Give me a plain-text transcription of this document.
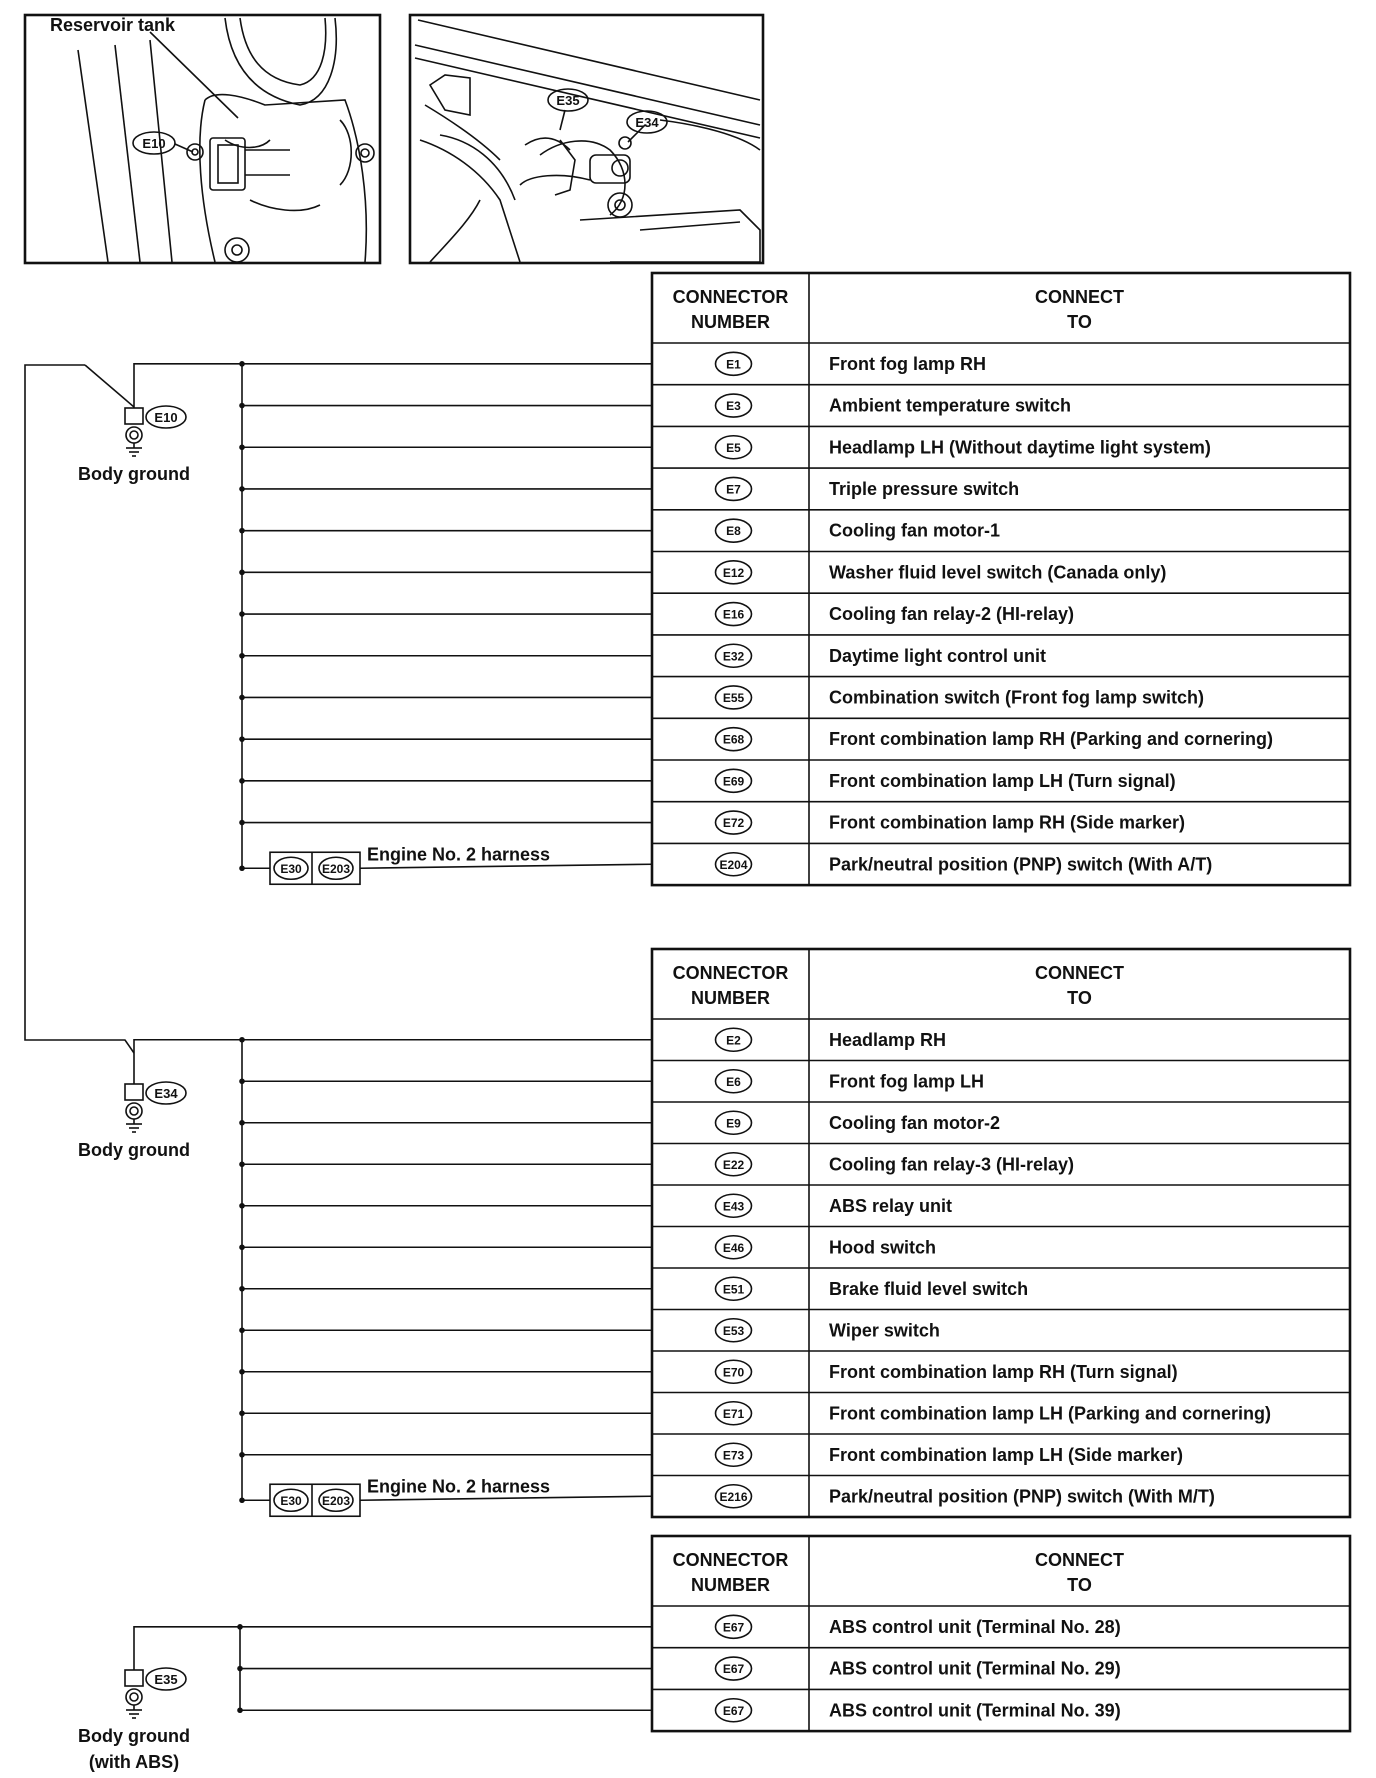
Reservoir tank
E10
E35
E34
CONNECTOR
NUMBER
CONNECT
TO
E10
Body ground
E1	Front fog lamp RH
E3	Ambient temperature switch
E5	Headlamp LH (Without daytime light system)
E7	Triple pressure switch
E8	Cooling fan motor-1
E12	Washer fluid level switch (Canada only)
E16	Cooling fan relay-2 (HI-relay)
E32	Daytime light control unit
E55	Combination switch (Front fog lamp switch)
E68	Front combination lamp RH (Parking and cornering)
E69	Front combination lamp LH (Turn signal)
E72	Front combination lamp RH (Side marker)
E204	Park/neutral position (PNP) switch (With A/T)
E30 E203
Engine No. 2 harness
CONNECTOR
NUMBER
CONNECT
TO
E34
Body ground
E2	Headlamp RH
E6	Front fog lamp LH
E9	Cooling fan motor-2
E22	Cooling fan relay-3 (HI-relay)
E43	ABS relay unit
E46	Hood switch
E51	Brake fluid level switch
E53	Wiper switch
E70	Front combination lamp RH (Turn signal)
E71	Front combination lamp LH (Parking and cornering)
E73	Front combination lamp LH (Side marker)
E216	Park/neutral position (PNP) switch (With M/T)
E30 E203
Engine No. 2 harness
CONNECTOR
NUMBER
CONNECT
TO
E35
Body ground
(with ABS)
E67	ABS control unit (Terminal No. 28)
E67	ABS control unit (Terminal No. 29)
E67	ABS control unit (Terminal No. 39)
